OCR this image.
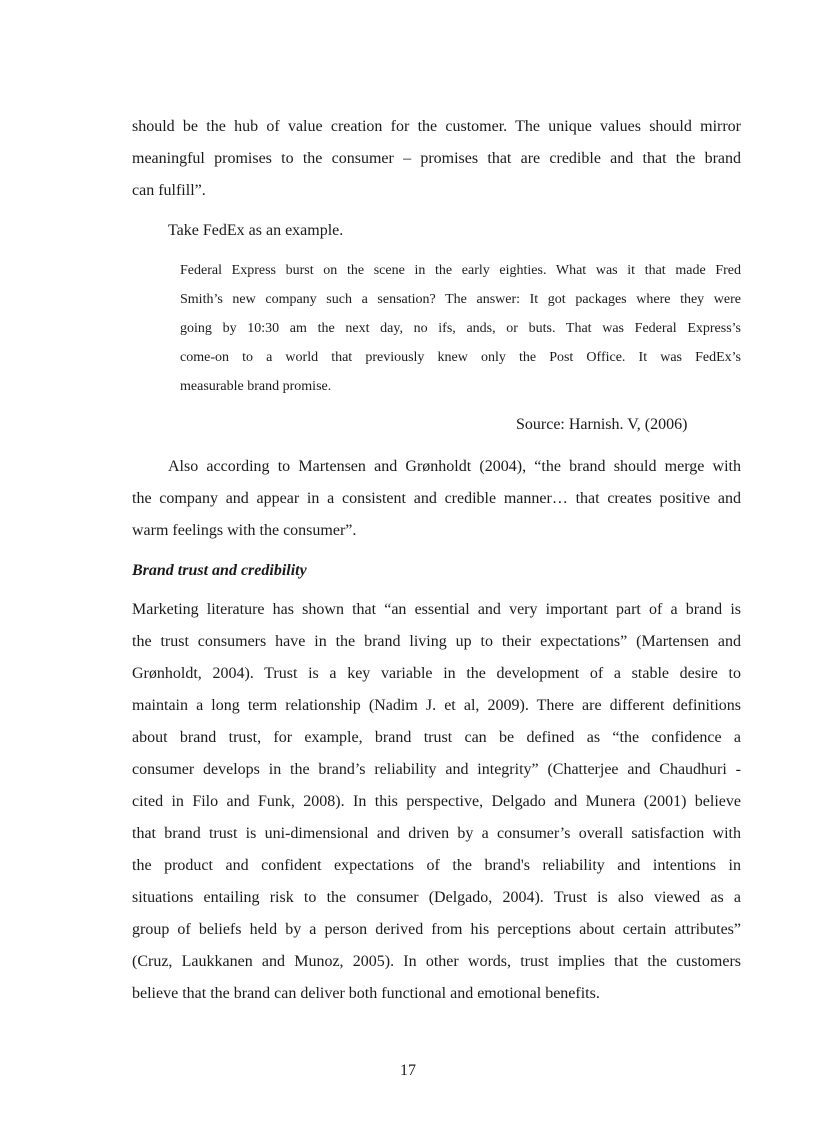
should be the hub of value creation for the customer. The unique values should mirror
meaningful promises to the consumer – promises that are credible and that the brand
can fulfill”.
Take FedEx as an example.
Federal Express burst on the scene in the early eighties. What was it that made Fred
Smith’s new company such a sensation? The answer: It got packages where they were
going by 10:30 am the next day, no ifs, ands, or buts. That was Federal Express’s
come-on to a world that previously knew only the Post Office. It was FedEx’s
measurable brand promise.
Source: Harnish. V, (2006)
Also according to Martensen and Grønholdt (2004), “the brand should merge with
the company and appear in a consistent and credible manner… that creates positive and
warm feelings with the consumer”.
Brand trust and credibility
Marketing literature has shown that “an essential and very important part of a brand is
the trust consumers have in the brand living up to their expectations” (Martensen and
Grønholdt, 2004). Trust is a key variable in the development of a stable desire to
maintain a long term relationship (Nadim J. et al, 2009). There are different definitions
about brand trust, for example, brand trust can be defined as “the confidence a
consumer develops in the brand’s reliability and integrity” (Chatterjee and Chaudhuri -
cited in Filo and Funk, 2008). In this perspective, Delgado and Munera (2001) believe
that brand trust is uni-dimensional and driven by a consumer’s overall satisfaction with
the product and confident expectations of the brand's reliability and intentions in
situations entailing risk to the consumer (Delgado, 2004). Trust is also viewed as a
group of beliefs held by a person derived from his perceptions about certain attributes”
(Cruz, Laukkanen and Munoz, 2005). In other words, trust implies that the customers
believe that the brand can deliver both functional and emotional benefits.
17
